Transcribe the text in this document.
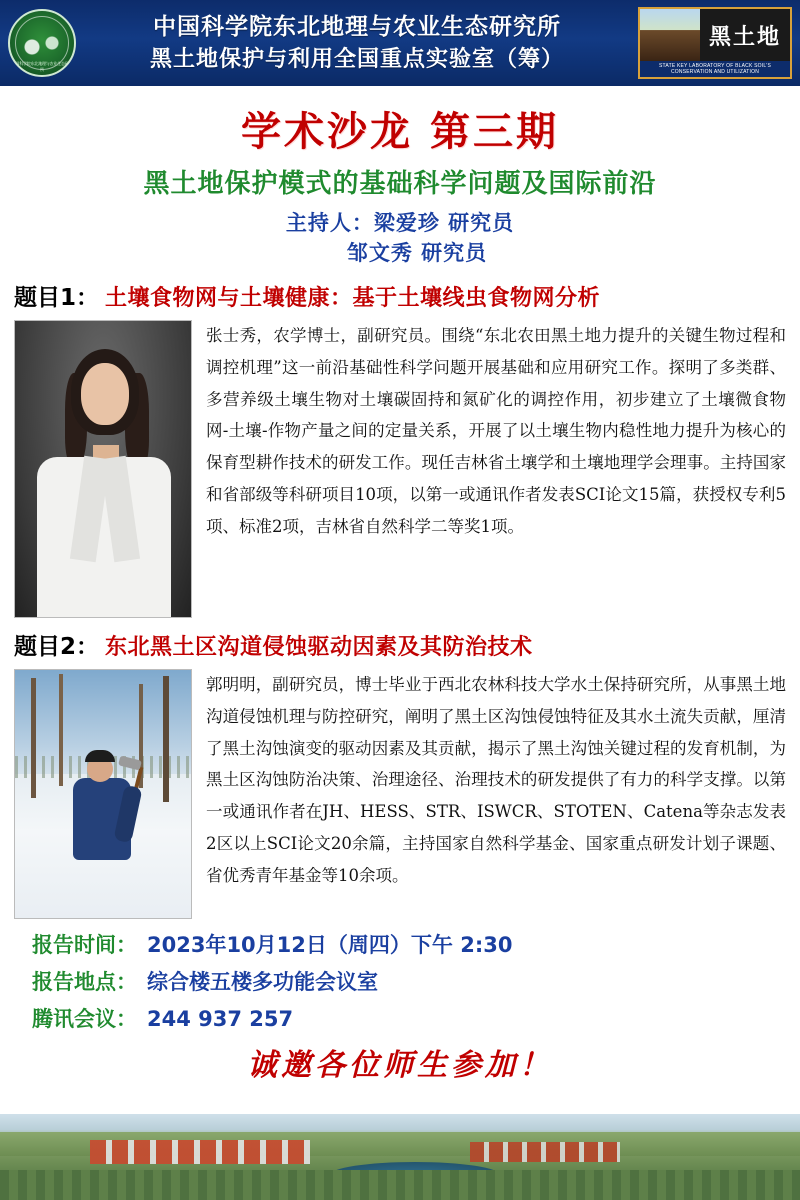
中国科学院东北地理与农业生态研究所
中国科学院东北地理与农业生态研究所
黑土地保护与利用全国重点实验室（筹）
黑土地
STATE KEY LABORATORY OF BLACK SOIL'S CONSERVATION AND UTILIZATION
学术沙龙 第三期
黑土地保护模式的基础科学问题及国际前沿
主持人：梁爱珍 研究员
邹文秀 研究员
题目1： 土壤食物网与土壤健康：基于土壤线虫食物网分析
张士秀，农学博士，副研究员。围绕“东北农田黑土地力提升的关键生物过程和调控机理”这一前沿基础性科学问题开展基础和应用研究工作。探明了多类群、多营养级土壤生物对土壤碳固持和氮矿化的调控作用，初步建立了土壤微食物网-土壤-作物产量之间的定量关系，开展了以土壤生物内稳性地力提升为核心的保育型耕作技术的研发工作。现任吉林省土壤学和土壤地理学会理事。主持国家和省部级等科研项目10项，以第一或通讯作者发表SCI论文15篇，获授权专利5项、标准2项，吉林省自然科学二等奖1项。
题目2： 东北黑土区沟道侵蚀驱动因素及其防治技术
郭明明，副研究员，博士毕业于西北农林科技大学水土保持研究所，从事黑土地沟道侵蚀机理与防控研究，阐明了黑土区沟蚀侵蚀特征及其水土流失贡献，厘清了黑土沟蚀演变的驱动因素及其贡献，揭示了黑土沟蚀关键过程的发育机制，为黑土区沟蚀防治决策、治理途径、治理技术的研发提供了有力的科学支撑。以第一或通讯作者在JH、HESS、STR、ISWCR、STOTEN、Catena等杂志发表2区以上SCI论文20余篇，主持国家自然科学基金、国家重点研发计划子课题、省优秀青年基金等10余项。
报告时间： 2023年10月12日（周四）下午 2:30
报告地点： 综合楼五楼多功能会议室
腾讯会议： 244 937 257
诚邀各位师生参加！
